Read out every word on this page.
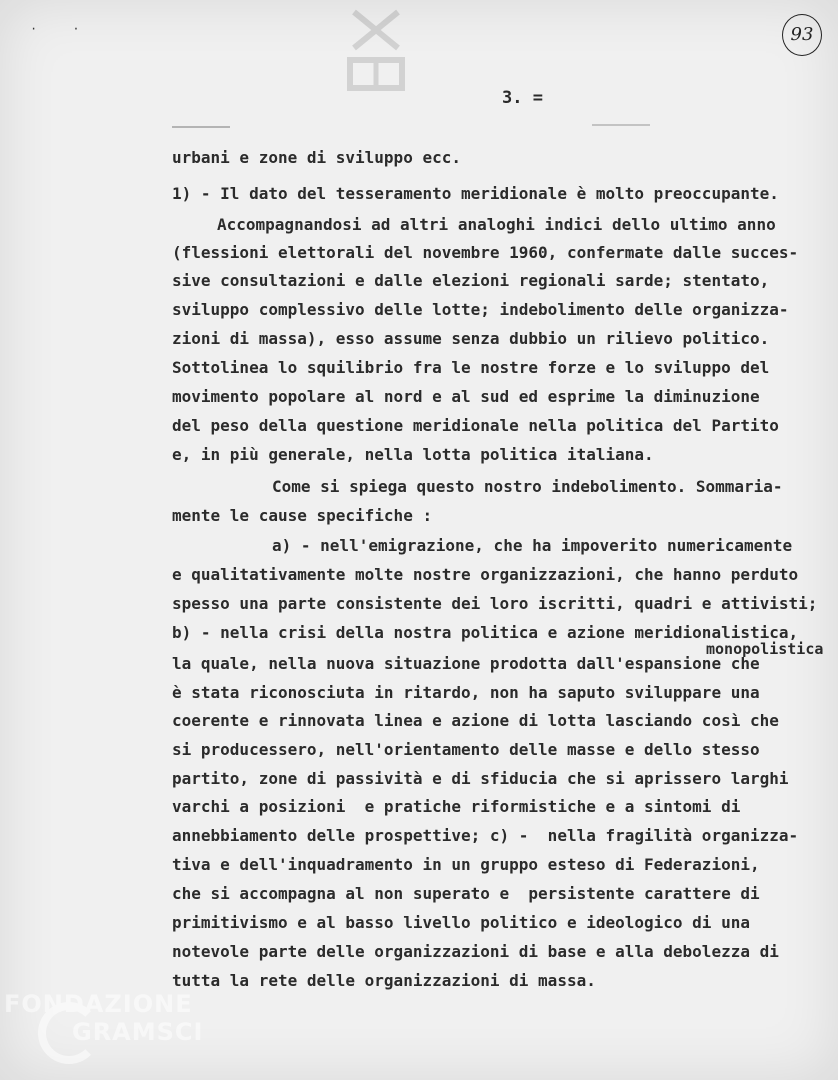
· ·	93
3. =
urbani e zone di sviluppo ecc.
1) - Il dato del tesseramento meridionale è molto preoccupante.
Accompagnandosi ad altri analoghi indici dello ultimo anno
(flessioni elettorali del novembre 1960, confermate dalle succes-
sive consultazioni e dalle elezioni regionali sarde; stentato,
sviluppo complessivo delle lotte; indebolimento delle organizza-
zioni di massa), esso assume senza dubbio un rilievo politico.
Sottolinea lo squilibrio fra le nostre forze e lo sviluppo del
movimento popolare al nord e al sud ed esprime la diminuzione
del peso della questione meridionale nella politica del Partito
e, in più generale, nella lotta politica italiana.
Come si spiega questo nostro indebolimento. Sommaria-
mente le cause specifiche :
a) - nell'emigrazione, che ha impoverito numericamente
e qualitativamente molte nostre organizzazioni, che hanno perduto
spesso una parte consistente dei loro iscritti, quadri e attivisti;
b) - nella crisi della nostra politica e azione meridionalistica,
la quale, nella nuova situazione prodotta dall'espansione che
è stata riconosciuta in ritardo, non ha saputo sviluppare una
coerente e rinnovata linea e azione di lotta lasciando così che
si producessero, nell'orientamento delle masse e dello stesso
partito, zone di passività e di sfiducia che si aprissero larghi
varchi a posizioni  e pratiche riformistiche e a sintomi di
annebbiamento delle prospettive; c) -  nella fragilità organizza-
tiva e dell'inquadramento in un gruppo esteso di Federazioni,
che si accompagna al non superato e  persistente carattere di
primitivismo e al basso livello politico e ideologico di una
notevole parte delle organizzazioni di base e alla debolezza di
tutta la rete delle organizzazioni di massa.
monopolistica
FONDAZIONE
GRAMSCI
